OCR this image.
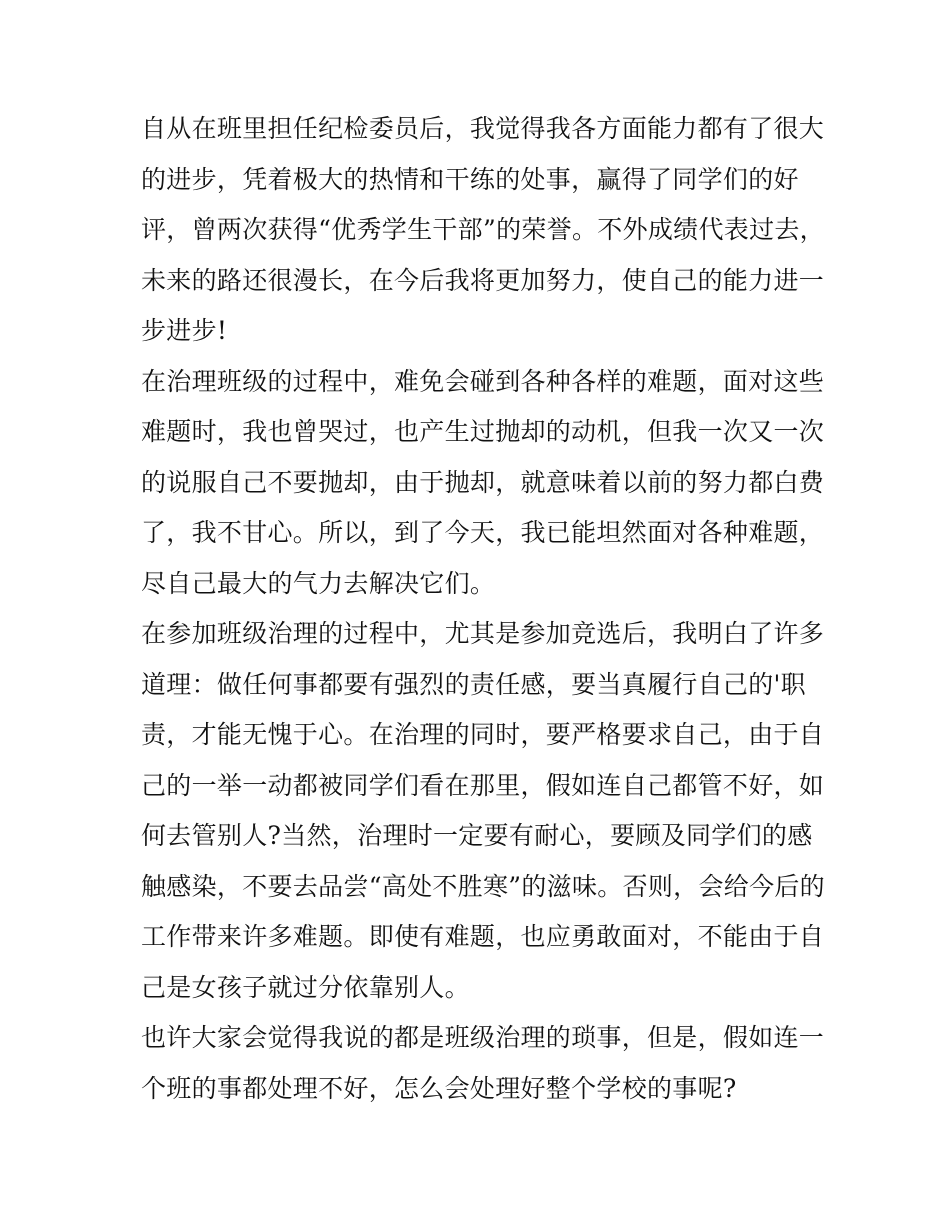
自从在班里担任纪检委员后，我觉得我各方面能力都有了很大
的进步，凭着极大的热情和干练的处事，赢得了同学们的好
评，曾两次获得“优秀学生干部”的荣誉。不外成绩代表过去，
未来的路还很漫长，在今后我将更加努力，使自己的能力进一
步进步!
在治理班级的过程中，难免会碰到各种各样的难题，面对这些
难题时，我也曾哭过，也产生过抛却的动机，但我一次又一次
的说服自己不要抛却，由于抛却，就意味着以前的努力都白费
了，我不甘心。所以，到了今天，我已能坦然面对各种难题，
尽自己最大的气力去解决它们。
在参加班级治理的过程中，尤其是参加竞选后，我明白了许多
道理：做任何事都要有强烈的责任感，要当真履行自己的'职
责，才能无愧于心。在治理的同时，要严格要求自己，由于自
己的一举一动都被同学们看在那里，假如连自己都管不好，如
何去管别人?当然，治理时一定要有耐心，要顾及同学们的感
触感染，不要去品尝“高处不胜寒”的滋味。否则，会给今后的
工作带来许多难题。即使有难题，也应勇敢面对，不能由于自
己是女孩子就过分依靠别人。
也许大家会觉得我说的都是班级治理的琐事，但是，假如连一
个班的事都处理不好，怎么会处理好整个学校的事呢?
